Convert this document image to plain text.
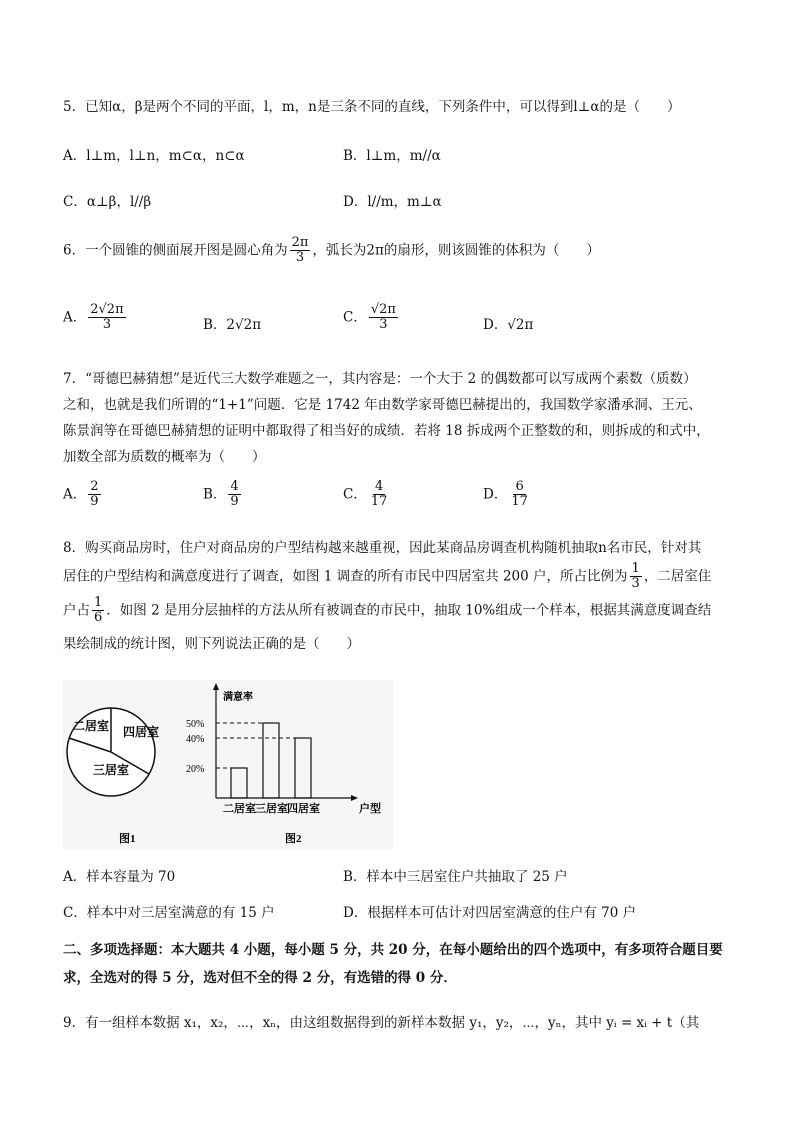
5．已知α，β是两个不同的平面，l，m，n是三条不同的直线，下列条件中，可以得到l⊥α的是（　　）
A．l⊥m，l⊥n，m⊂α，n⊂α	B．l⊥m，m//α
C．α⊥β，l//β	D．l//m，m⊥α
6．一个圆锥的侧面展开图是圆心角为 $\frac{2\pi}{3}$ ，弧长为2π的扇形，则该圆锥的体积为（　　）
A． $\frac{2√2\pi}{3}$	B．2√2π	C． $\frac{√2\pi}{3}$	D．√2π
7．“哥德巴赫猜想”是近代三大数学难题之一，其内容是：一个大于 2 的偶数都可以写成两个素数（质数）
之和，也就是我们所谓的“1+1”问题．它是 1742 年由数学家哥德巴赫提出的，我国数学家潘承洞、王元、
陈景润等在哥德巴赫猜想的证明中都取得了相当好的成绩．若将 18 拆成两个正整数的和，则拆成的和式中，
加数全部为质数的概率为（　　）
A． $\frac{2}{9}$	B． $\frac{4}{9}$	C． $\frac{4}{17}$	D． $\frac{6}{17}$
8．购买商品房时，住户对商品房的户型结构越来越重视，因此某商品房调查机构随机抽取n名市民，针对其
居住的户型结构和满意度进行了调查，如图 1 调查的所有市民中四居室共 200 户，所占比例为 $\frac{1}{3}$ ，二居室住
户占 $\frac{1}{6}$ ．如图 2 是用分层抽样的方法从所有被调查的市民中，抽取 10%组成一个样本，根据其满意度调查结
果绘制成的统计图，则下列说法正确的是（　　）
二居室 四居室
三居室
图1
满意率
户型
图2
二居室 三居室 四居室
50%
40%
20%
A．样本容量为 70	B．样本中三居室住户共抽取了 25 户
C．样本中对三居室满意的有 15 户	D．根据样本可估计对四居室满意的住户有 70 户
二、多项选择题：本大题共 4 小题，每小题 5 分，共 20 分，在每小题给出的四个选项中，有多项符合题目要
求，全选对的得 5 分，选对但不全的得 2 分，有选错的得 0 分．
9．有一组样本数据 x₁，x₂，⋯，xₙ，由这组数据得到的新样本数据 y₁，y₂，⋯，yₙ，其中 yᵢ = xᵢ + t（其
